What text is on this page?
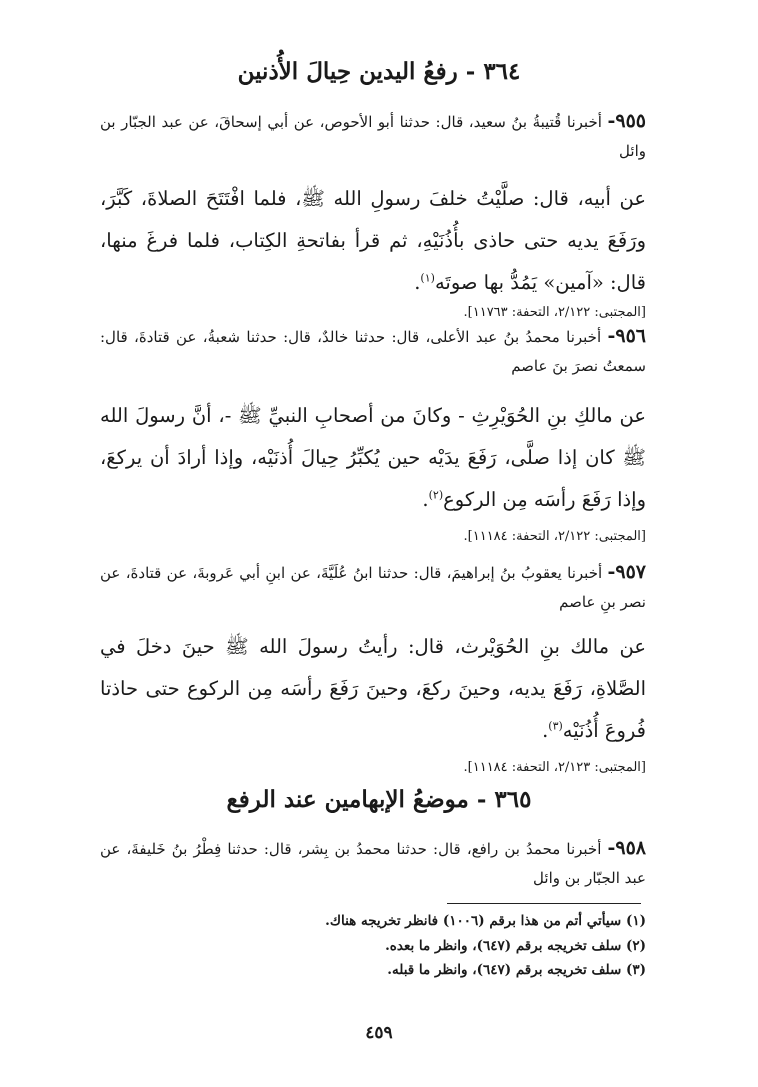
٣٦٤ - رفعُ اليدين حِيالَ الأُذنين

٩٥٥- أخبرنا قُتيبةُ بنُ سعيد، قال: حدثنا أبو الأحوص، عن أبي إسحاقَ، عن عبد الجبّار بن وائل

عن أبيه، قال: صلَّيْتُ خلفَ رسولِ الله ﷺ، فلما افْتَتَحَ الصلاةَ، كَبَّرَ، ورَفَعَ يديه حتى حاذى بأُذُنَيْهِ، ثم قرأ بفاتحةِ الكِتاب، فلما فرغَ منها، قال: «آمين» يَمُدُّ بها صوتَه$^{(١)}$.

[المجتبى: ٢/١٢٢، التحفة: ١١٧٦٣].

٩٥٦- أخبرنا محمدُ بنُ عبد الأعلى، قال: حدثنا خالدٌ، قال: حدثنا شعبةُ، عن قتادةَ، قال: سمعتُ نصرَ بنَ عاصم

عن مالكِ بنِ الحُوَيْرِثِ - وكانَ من أصحابِ النبيِّ ﷺ -، أنَّ رسولَ الله ﷺ كان إذا صلَّى، رَفَعَ يدَيْه حين يُكبِّرُ حِيالَ أُذنَيْه، وإذا أرادَ أن يركعَ، وإذا رَفَعَ رأسَه مِن الركوع$^{(٢)}$.

[المجتبى: ٢/١٢٢، التحفة: ١١١٨٤].

٩٥٧- أخبرنا يعقوبُ بنُ إبراهيمَ، قال: حدثنا ابنُ عُلَيَّةَ، عن ابنِ أبي عَروبةَ، عن قتادةَ، عن نصر بنِ عاصم

عن مالك بنِ الحُوَيْرث، قال: رأيتُ رسولَ الله ﷺ حينَ دخلَ في الصَّلاةِ، رَفَعَ يديه، وحينَ ركعَ، وحينَ رَفَعَ رأسَه مِن الركوع حتى حاذتا فُروعَ أُذُنَيْه$^{(٣)}$.

[المجتبى: ٢/١٢٣، التحفة: ١١١٨٤].

٣٦٥ - موضعُ الإبهامين عند الرفع

٩٥٨- أخبرنا محمدُ بن رافع، قال: حدثنا محمدُ بن بِشر، قال: حدثنا فِطْرُ بنُ خَليفةَ، عن عبد الجبّار بن وائل

(١) سيأتي أتم من هذا برقم (١٠٠٦) فانظر تخريجه هناك.
(٢) سلف تخريجه برقم (٦٤٧)، وانظر ما بعده.
(٣) سلف تخريجه برقم (٦٤٧)، وانظر ما قبله.
٤٥٩
